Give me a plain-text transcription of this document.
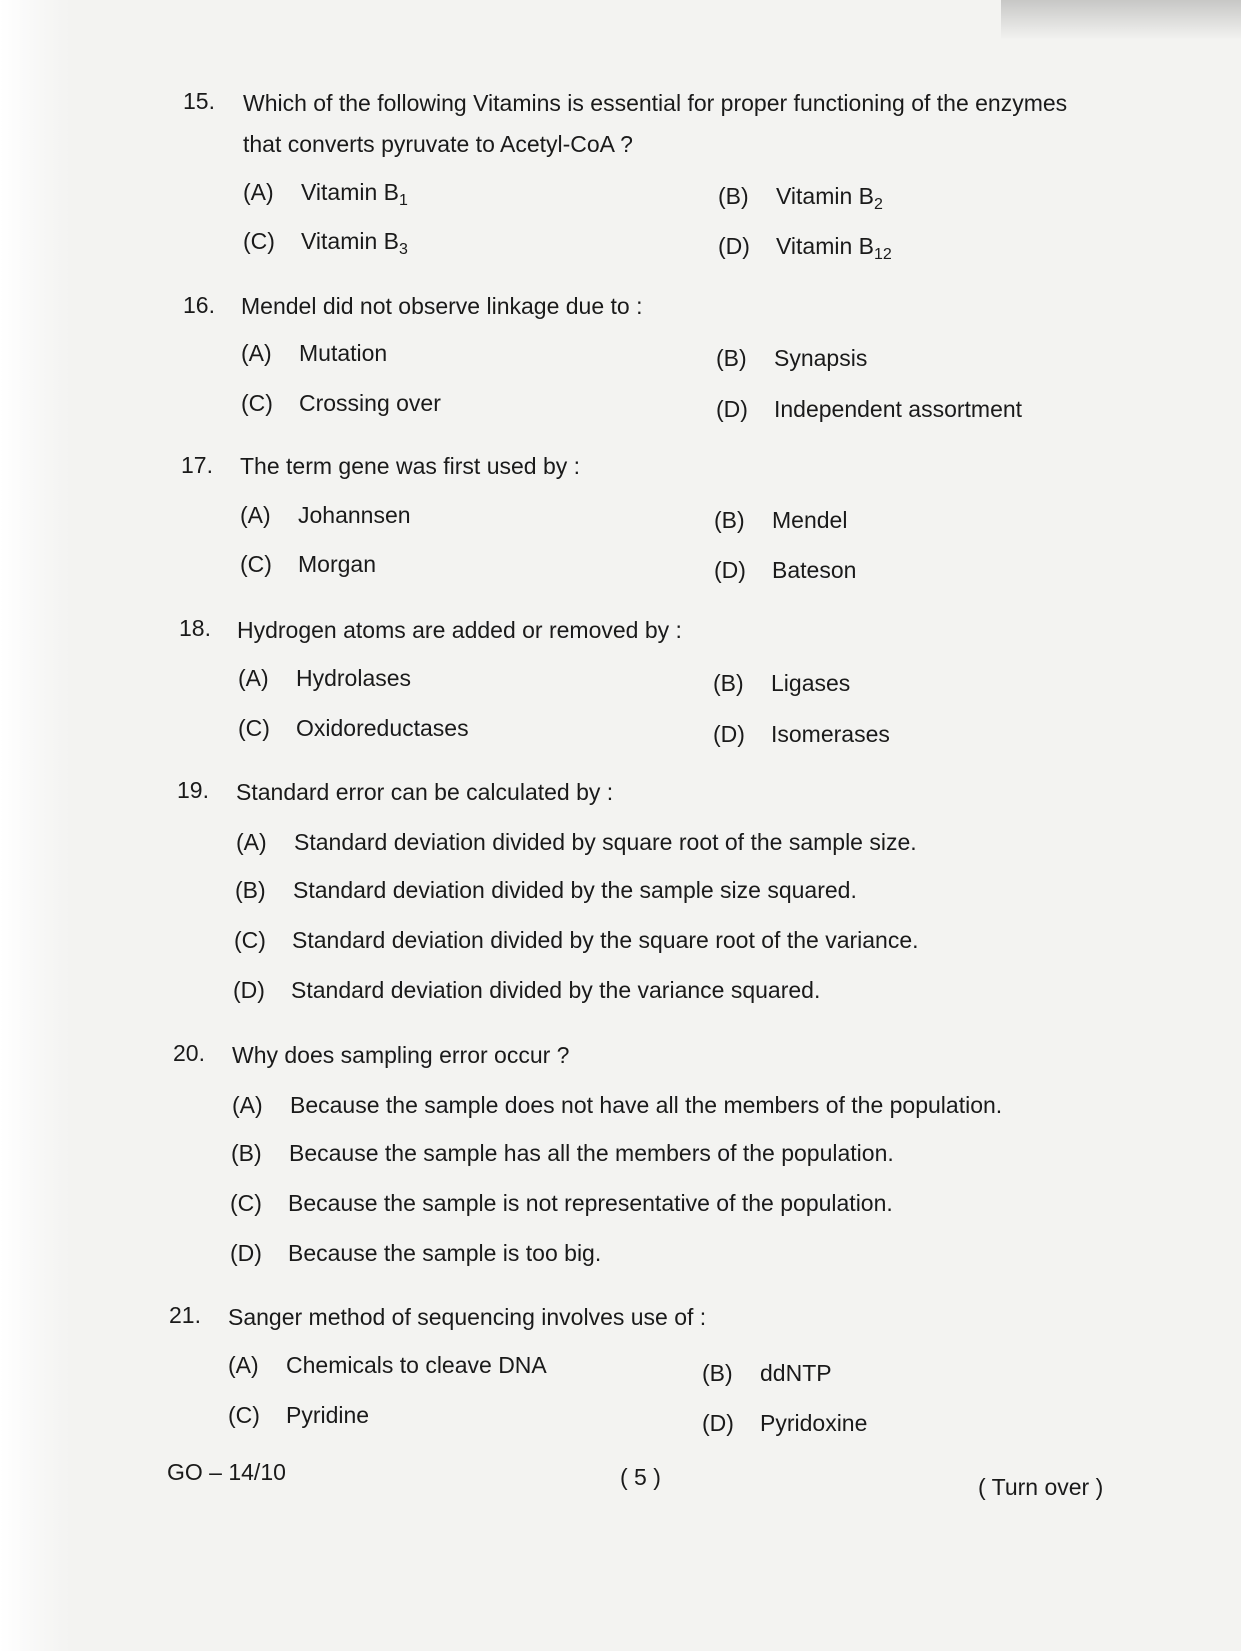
15. Which of the following Vitamins is essential for proper functioning of the enzymes
that converts pyruvate to Acetyl-CoA ?
(A) Vitamin $B_1$	(B) Vitamin $B_2$
(C) Vitamin $B_3$	(D) Vitamin $B_{12}$
16. Mendel did not observe linkage due to :
(A) Mutation	(B) Synapsis
(C) Crossing over	(D) Independent assortment
17. The term gene was first used by :
(A) Johannsen	(B) Mendel
(C) Morgan	(D) Bateson
18. Hydrogen atoms are added or removed by :
(A) Hydrolases	(B) Ligases
(C) Oxidoreductases	(D) Isomerases
19. Standard error can be calculated by :
(A) Standard deviation divided by square root of the sample size.
(B) Standard deviation divided by the sample size squared.
(C) Standard deviation divided by the square root of the variance.
(D) Standard deviation divided by the variance squared.
20. Why does sampling error occur ?
(A) Because the sample does not have all the members of the population.
(B) Because the sample has all the members of the population.
(C) Because the sample is not representative of the population.
(D) Because the sample is too big.
21. Sanger method of sequencing involves use of :
(A) Chemicals to cleave DNA	(B) ddNTP
(C) Pyridine	(D) Pyridoxine
GO – 14/10	( 5 )	( Turn over )
